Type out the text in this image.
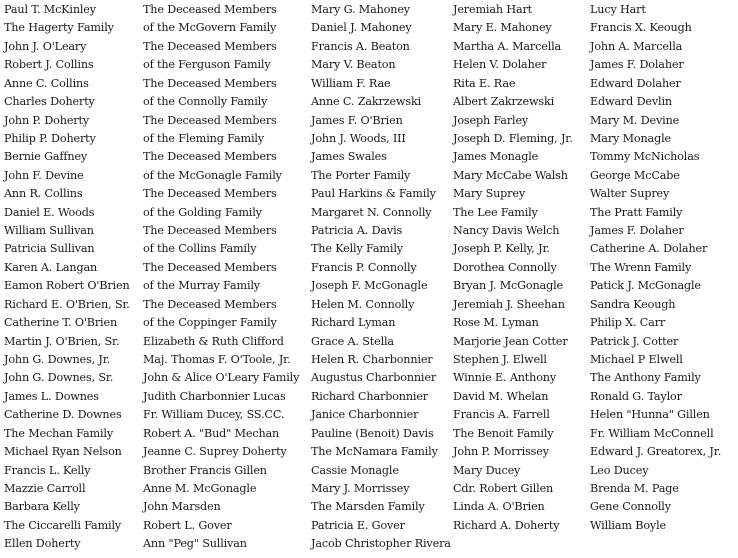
Paul T. McKinley
The Hagerty Family
John J. O'Leary
Robert J. Collins
Anne C. Collins
Charles Doherty
John P. Doherty
Philip P. Doherty
Bernie Gaffney
John F. Devine
Ann R. Collins
Daniel E. Woods
William Sullivan
Patricia Sullivan
Karen A. Langan
Eamon Robert O'Brien
Richard E. O'Brien, Sr.
Catherine T. O'Brien
Martin J. O'Brien, Sr.
John G. Downes, Jr.
John G. Downes, Sr.
James L. Downes
Catherine D. Downes
The Mechan Family
Michael Ryan Nelson
Francis L. Kelly
Mazzie Carroll
Barbara Kelly
The Ciccarelli Family
Ellen Doherty
The Deceased Members
of the McGovern Family
The Deceased Members
of the Ferguson Family
The Deceased Members
of the Connolly Family
The Deceased Members
of the Fleming Family
The Deceased Members
of the McGonagle Family
The Deceased Members
of the Golding Family
The Deceased Members
of the Collins Family
The Deceased Members
of the Murray Family
The Deceased Members
of the Coppinger Family
Elizabeth & Ruth Clifford
Maj. Thomas F. O'Toole, Jr.
John & Alice O'Leary Family
Judith Charbonnier Lucas
Fr. William Ducey, SS.CC.
Robert A. "Bud" Mechan
Jeanne C. Suprey Doherty
Brother Francis Gillen
Anne M. McGonagle
John Marsden
Robert L. Gover
Ann "Peg" Sullivan
Mary G. Mahoney
Daniel J. Mahoney
Francis A. Beaton
Mary V. Beaton
William F. Rae
Anne C. Zakrzewski
James F. O'Brien
John J. Woods, III
James Swales
The Porter Family
Paul Harkins & Family
Margaret N. Connolly
Patricia A. Davis
The Kelly Family
Francis P. Connolly
Joseph F. McGonagle
Helen M. Connolly
Richard Lyman
Grace A. Stella
Helen R. Charbonnier
Augustus Charbonnier
Richard Charbonnier
Janice Charbonnier
Pauline (Benoit) Davis
The McNamara Family
Cassie Monagle
Mary J. Morrissey
The Marsden Family
Patricia E. Gover
Jacob Christopher Rivera
Jeremiah Hart
Mary E. Mahoney
Martha A. Marcella
Helen V. Dolaher
Rita E. Rae
Albert Zakrzewski
Joseph Farley
Joseph D. Fleming, Jr.
James Monagle
Mary McCabe Walsh
Mary Suprey
The Lee Family
Nancy Davis Welch
Joseph P. Kelly, Jr.
Dorothea Connolly
Bryan J. McGonagle
Jeremiah J. Sheehan
Rose M. Lyman
Marjorie Jean Cotter
Stephen J. Elwell
Winnie E. Anthony
David M. Whelan
Francis A. Farrell
The Benoit Family
John P. Morrissey
Mary Ducey
Cdr. Robert Gillen
Linda A. O'Brien
Richard A. Doherty
Lucy Hart
Francis X. Keough
John A. Marcella
James F. Dolaher
Edward Dolaher
Edward Devlin
Mary M. Devine
Mary Monagle
Tommy McNicholas
George McCabe
Walter Suprey
The Pratt Family
James F. Dolaher
Catherine A. Dolaher
The Wrenn Family
Patick J. McGonagle
Sandra Keough
Philip X. Carr
Patrick J. Cotter
Michael P Elwell
The Anthony Family
Ronald G. Taylor
Helen "Hunna" Gillen
Fr. William McConnell
Edward J. Greatorex, Jr.
Leo Ducey
Brenda M. Page
Gene Connolly
William Boyle
